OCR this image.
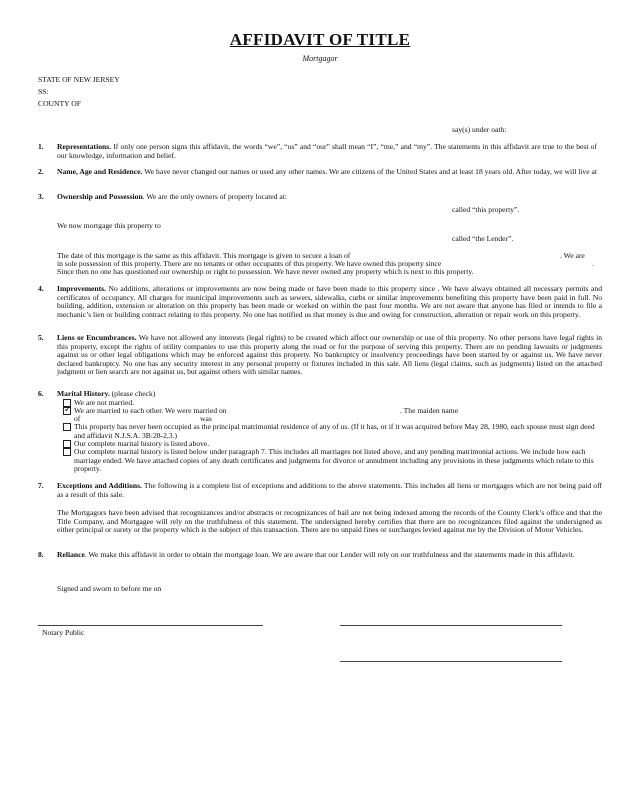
AFFIDAVIT OF TITLE
Mortgagor
STATE OF NEW JERSEY
SS:
COUNTY OF
say(s) under oath:
1. Representations. If only one person signs this affidavit, the words “we”, “us” and “our” shall mean “I”, “me,” and “my”. The statements in this affidavit are true to the best of our knowledge, information and belief.
2. Name, Age and Residence. We have never changed our names or used any other names. We are citizens of the United States and at least 18 years old. After today, we will live at
3. Ownership and Possession. We are the only owners of property located at:
called “this property”.
We now mortgage this property to
called “the Lender”.
The date of this mortgage is the same as this affidavit. This mortgage is given to secure a loan of	. We are
in sole possession of this property. There are no tenants or other occupants of this property. We have owned this property since	.
Since then no one has questioned our ownership or right to possession. We have never owned any property which is next to this property.
4. Improvements. No additions, alterations or improvements are now being made or have been made to this property since . We have always obtained all necessary permits and certificates of occupancy. All charges for municipal improvements such as sewers, sidewalks, curbs or similar improvements benefiting this property have been paid in full. No building, addition, extension or alteration on this property has been made or worked on within the past four months. We are not aware that anyone has filed or intends to file a mechanic’s lien or building contract relating to this property. No one has notified us that money is due and owing for construction, alteration or repair work on this property.
5. Liens or Encumbrances. We have not allowed any interests (legal rights) to be created which affect our ownership or use of this property. No other persons have legal rights in this property, except the rights of utility companies to use this property along the road or for the purpose of serving this property. There are no pending lawsuits or judgments against us or other legal obligations which may be enforced against this property. No bankruptcy or insolvency proceedings have been started by or against us. We have never declared bankruptcy. No one has any security interest in any personal property or fixtures included in this sale. All liens (legal claims, such as judgments) listed on the attached judgment or lien search are not against us, but against others with similar names.
6. Marital History. (please check)
We are not married.
✓
We are married to each other. We were married on	. The maiden name
of	was
This property has never been occupied as the principal matrimonial residence of any of us. (If it has, or if it was acquired before May 28, 1980, each spouse must sign deed and affidavit N.J.S.A. 3B:28-2,3.)
Our complete marital history is listed above.
Our complete marital history is listed below under paragraph 7. This includes all marriages not listed above, and any pending matrimonial actions. We include how each marriage ended. We have attached copies of any death certificates and judgments for divorce or annulment including any provisions in these judgments which relate to this property.
7. Exceptions and Additions. The following is a complete list of exceptions and additions to the above statements. This includes all liens or mortgages which are not being paid off as a result of this sale.
The Mortgagors have been advised that recognizances and/or abstracts or recognizances of bail are not being indexed among the records of the County Clerk’s office and that the Title Company, and Mortgagee will rely on the truthfulness of this statement. The undersigned hereby certifies that there are no recognizances filed against the undersigned as either principal or surety or the property which is the subject of this transaction. There are no unpaid fines or surcharges levied against me by the Division of Motor Vehicles.
8. Reliance. We make this affidavit in order to obtain the mortgage loan. We are aware that our Lender will rely on our truthfulness and the statements made in this affidavit.
Signed and sworn to before me on
Notary Public
